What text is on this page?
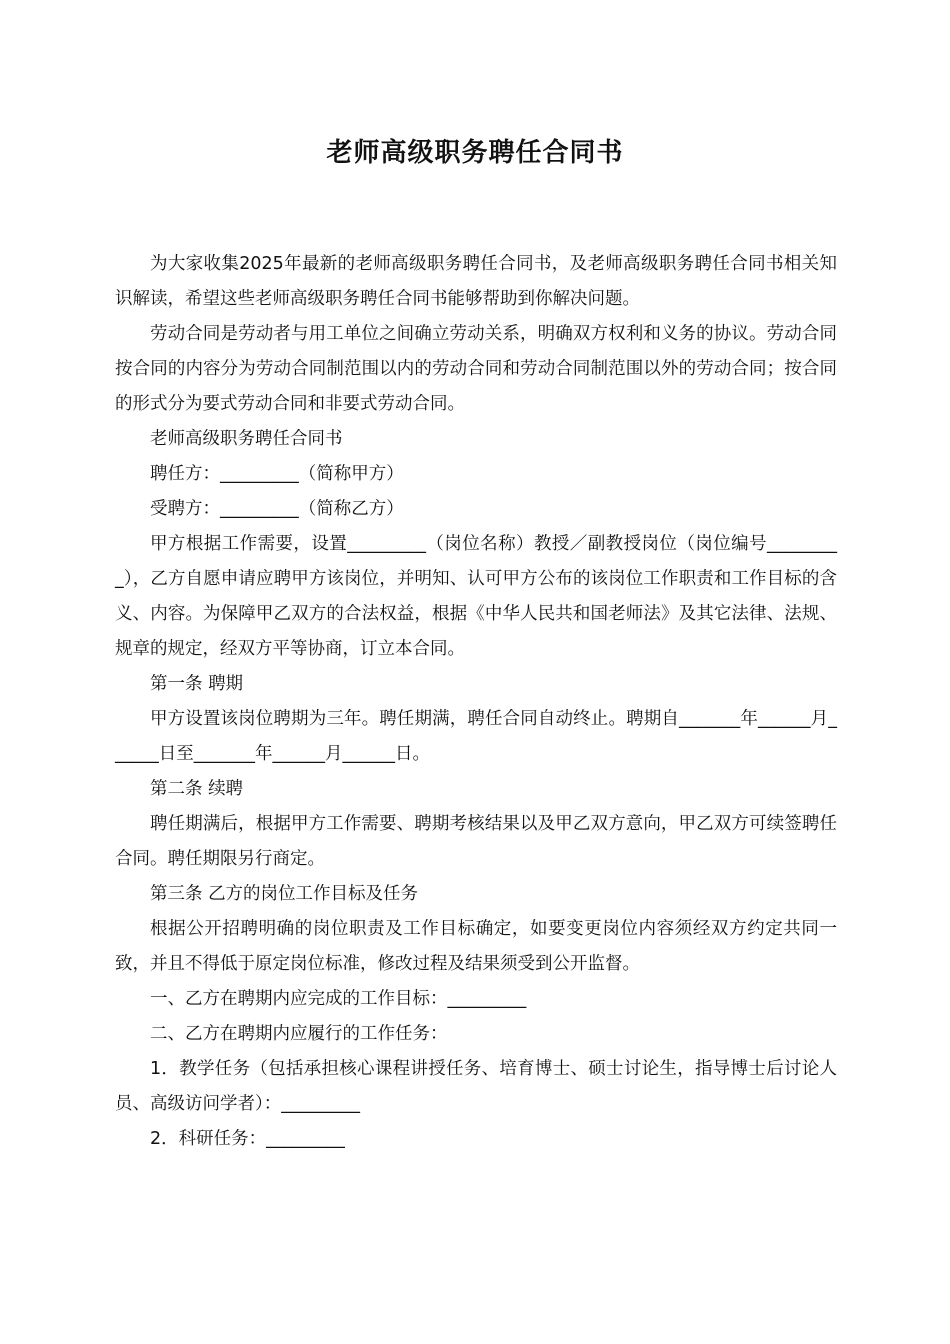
老师高级职务聘任合同书

为大家收集2025年最新的老师高级职务聘任合同书，及老师高级职务聘任合同书相关知识解读，希望这些老师高级职务聘任合同书能够帮助到你解决问题。

劳动合同是劳动者与用工单位之间确立劳动关系，明确双方权利和义务的协议。劳动合同按合同的内容分为劳动合同制范围以内的劳动合同和劳动合同制范围以外的劳动合同；按合同的形式分为要式劳动合同和非要式劳动合同。

老师高级职务聘任合同书

聘任方：_________（简称甲方）

受聘方：_________（简称乙方）

甲方根据工作需要，设置_________（岗位名称）教授／副教授岗位（岗位编号_________），乙方自愿申请应聘甲方该岗位，并明知、认可甲方公布的该岗位工作职责和工作目标的含义、内容。为保障甲乙双方的合法权益，根据《中华人民共和国老师法》及其它法律、法规、规章的规定，经双方平等协商，订立本合同。

第一条 聘期

甲方设置该岗位聘期为三年。聘任期满，聘任合同自动终止。聘期自_______年______月______日至_______年______月______日。

第二条 续聘

聘任期满后，根据甲方工作需要、聘期考核结果以及甲乙双方意向，甲乙双方可续签聘任合同。聘任期限另行商定。

第三条 乙方的岗位工作目标及任务

根据公开招聘明确的岗位职责及工作目标确定，如要变更岗位内容须经双方约定共同一致，并且不得低于原定岗位标准，修改过程及结果须受到公开监督。

一、乙方在聘期内应完成的工作目标：_________

二、乙方在聘期内应履行的工作任务：

1．教学任务（包括承担核心课程讲授任务、培育博士、硕士讨论生，指导博士后讨论人员、高级访问学者）：_________

2．科研任务：_________
